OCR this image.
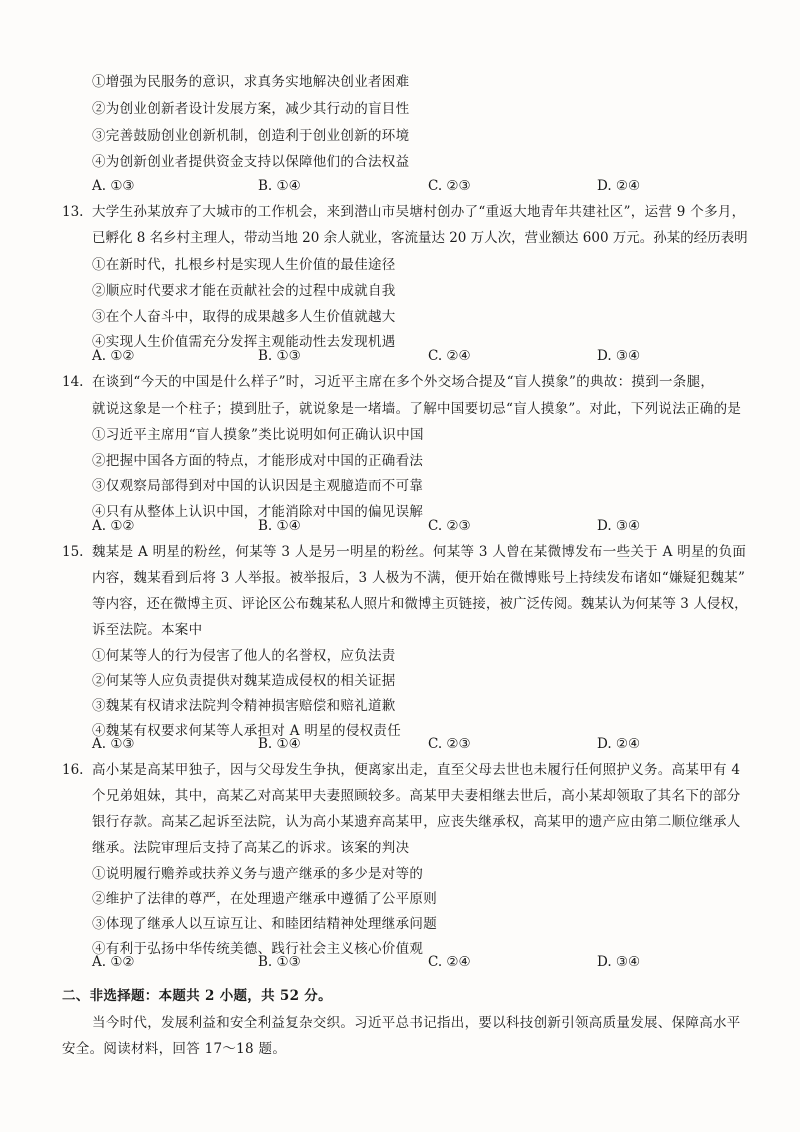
①增强为民服务的意识，求真务实地解决创业者困难
②为创业创新者设计发展方案，减少其行动的盲目性
③完善鼓励创业创新机制，创造利于创业创新的环境
④为创新创业者提供资金支持以保障他们的合法权益
A. ①③	B. ①④	C. ②③	D. ②④
13. 大学生孙某放弃了大城市的工作机会，来到潜山市吴塘村创办了“重返大地青年共建社区”，运营 9 个多月，
已孵化 8 名乡村主理人，带动当地 20 余人就业，客流量达 20 万人次，营业额达 600 万元。孙某的经历表明
①在新时代，扎根乡村是实现人生价值的最佳途径
②顺应时代要求才能在贡献社会的过程中成就自我
③在个人奋斗中，取得的成果越多人生价值就越大
④实现人生价值需充分发挥主观能动性去发现机遇
A. ①②	B. ①③	C. ②④	D. ③④
14. 在谈到“今天的中国是什么样子”时，习近平主席在多个外交场合提及“盲人摸象”的典故：摸到一条腿，
就说这象是一个柱子；摸到肚子，就说象是一堵墙。了解中国要切忌“盲人摸象”。对此，下列说法正确的是
①习近平主席用“盲人摸象”类比说明如何正确认识中国
②把握中国各方面的特点，才能形成对中国的正确看法
③仅观察局部得到对中国的认识因是主观臆造而不可靠
④只有从整体上认识中国，才能消除对中国的偏见误解
A. ①②	B. ①④	C. ②③	D. ③④
15. 魏某是 A 明星的粉丝，何某等 3 人是另一明星的粉丝。何某等 3 人曾在某微博发布一些关于 A 明星的负面
内容，魏某看到后将 3 人举报。被举报后，3 人极为不满，便开始在微博账号上持续发布诸如“嫌疑犯魏某”
等内容，还在微博主页、评论区公布魏某私人照片和微博主页链接，被广泛传阅。魏某认为何某等 3 人侵权，
诉至法院。本案中
①何某等人的行为侵害了他人的名誉权，应负法责
②何某等人应负责提供对魏某造成侵权的相关证据
③魏某有权请求法院判令精神损害赔偿和赔礼道歉
④魏某有权要求何某等人承担对 A 明星的侵权责任
A. ①③	B. ①④	C. ②③	D. ②④
16. 高小某是高某甲独子，因与父母发生争执，便离家出走，直至父母去世也未履行任何照护义务。高某甲有 4
个兄弟姐妹，其中，高某乙对高某甲夫妻照顾较多。高某甲夫妻相继去世后，高小某却领取了其名下的部分
银行存款。高某乙起诉至法院，认为高小某遗弃高某甲，应丧失继承权，高某甲的遗产应由第二顺位继承人
继承。法院审理后支持了高某乙的诉求。该案的判决
①说明履行赡养或扶养义务与遗产继承的多少是对等的
②维护了法律的尊严，在处理遗产继承中遵循了公平原则
③体现了继承人以互谅互让、和睦团结精神处理继承问题
④有利于弘扬中华传统美德、践行社会主义核心价值观
A. ①②	B. ①③	C. ②④	D. ③④
二、非选择题：本题共 2 小题，共 52 分。
当今时代，发展利益和安全利益复杂交织。习近平总书记指出，要以科技创新引领高质量发展、保障高水平
安全。阅读材料，回答 17～18 题。
